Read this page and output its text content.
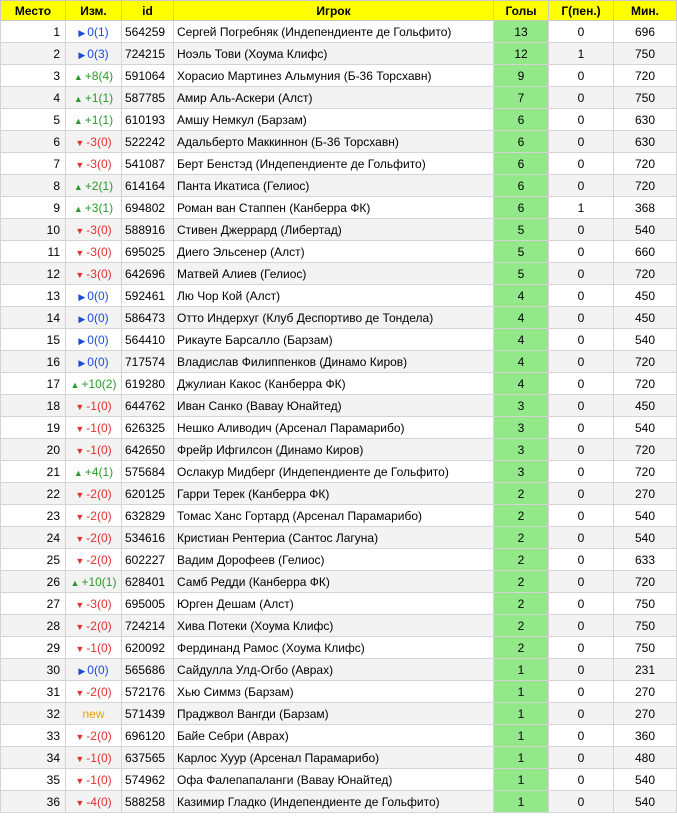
Место	Изм.	id	Игрок	Голы	Г(пен.)	Мин.
1	▶ 0(1)	564259	Сергей Погребняк (Индепендиенте де Гольфито)	13	0	696
2	▶ 0(3)	724215	Ноэль Тови (Хоума Клифс)	12	1	750
3	▲ +8(4)	591064	Хорасио Мартинез Альмуния (Б-36 Торсхавн)	9	0	720
4	▲ +1(1)	587785	Амир Аль-Аскери (Алст)	7	0	750
5	▲ +1(1)	610193	Амшу Немкул (Барзам)	6	0	630
6	▼ -3(0)	522242	Адальберто Маккиннон (Б-36 Торсхавн)	6	0	630
7	▼ -3(0)	541087	Берт Бенстэд (Индепендиенте де Гольфито)	6	0	720
8	▲ +2(1)	614164	Панта Икатиса (Гелиос)	6	0	720
9	▲ +3(1)	694802	Роман ван Стаппен (Канберра ФК)	6	1	368
10	▼ -3(0)	588916	Стивен Джеррард (Либертад)	5	0	540
11	▼ -3(0)	695025	Диего Эльсенер (Алст)	5	0	660
12	▼ -3(0)	642696	Матвей Алиев (Гелиос)	5	0	720
13	▶ 0(0)	592461	Лю Чор Кой (Алст)	4	0	450
14	▶ 0(0)	586473	Отто Индерхуг (Клуб Деспортиво де Тондела)	4	0	450
15	▶ 0(0)	564410	Рикауте Барсалло (Барзам)	4	0	540
16	▶ 0(0)	717574	Владислав Филиппенков (Динамо Киров)	4	0	720
17	▲ +10(2)	619280	Джулиан Какос (Канберра ФК)	4	0	720
18	▼ -1(0)	644762	Иван Санко (Вавау Юнайтед)	3	0	450
19	▼ -1(0)	626325	Нешко Аливодич (Арсенал Парамарибо)	3	0	540
20	▼ -1(0)	642650	Фрейр Ифгилсон (Динамо Киров)	3	0	720
21	▲ +4(1)	575684	Ослакур Мидберг (Индепендиенте де Гольфито)	3	0	720
22	▼ -2(0)	620125	Гарри Терек (Канберра ФК)	2	0	270
23	▼ -2(0)	632829	Томас Ханс Гортард (Арсенал Парамарибо)	2	0	540
24	▼ -2(0)	534616	Кристиан Рентериа (Сантос Лагуна)	2	0	540
25	▼ -2(0)	602227	Вадим Дорофеев (Гелиос)	2	0	633
26	▲ +10(1)	628401	Самб Редди (Канберра ФК)	2	0	720
27	▼ -3(0)	695005	Юрген Дешам (Алст)	2	0	750
28	▼ -2(0)	724214	Хива Потеки (Хоума Клифс)	2	0	750
29	▼ -1(0)	620092	Фердинанд Рамос (Хоума Клифс)	2	0	750
30	▶ 0(0)	565686	Сайдулла Улд-Огбо (Аврах)	1	0	231
31	▼ -2(0)	572176	Хью Симмз (Барзам)	1	0	270
32	new	571439	Праджвол Вангди (Барзам)	1	0	270
33	▼ -2(0)	696120	Байе Себри (Аврах)	1	0	360
34	▼ -1(0)	637565	Карлос Хуур (Арсенал Парамарибо)	1	0	480
35	▼ -1(0)	574962	Офа Фалепапаланги (Вавау Юнайтед)	1	0	540
36	▼ -4(0)	588258	Казимир Гладко (Индепендиенте де Гольфито)	1	0	540
